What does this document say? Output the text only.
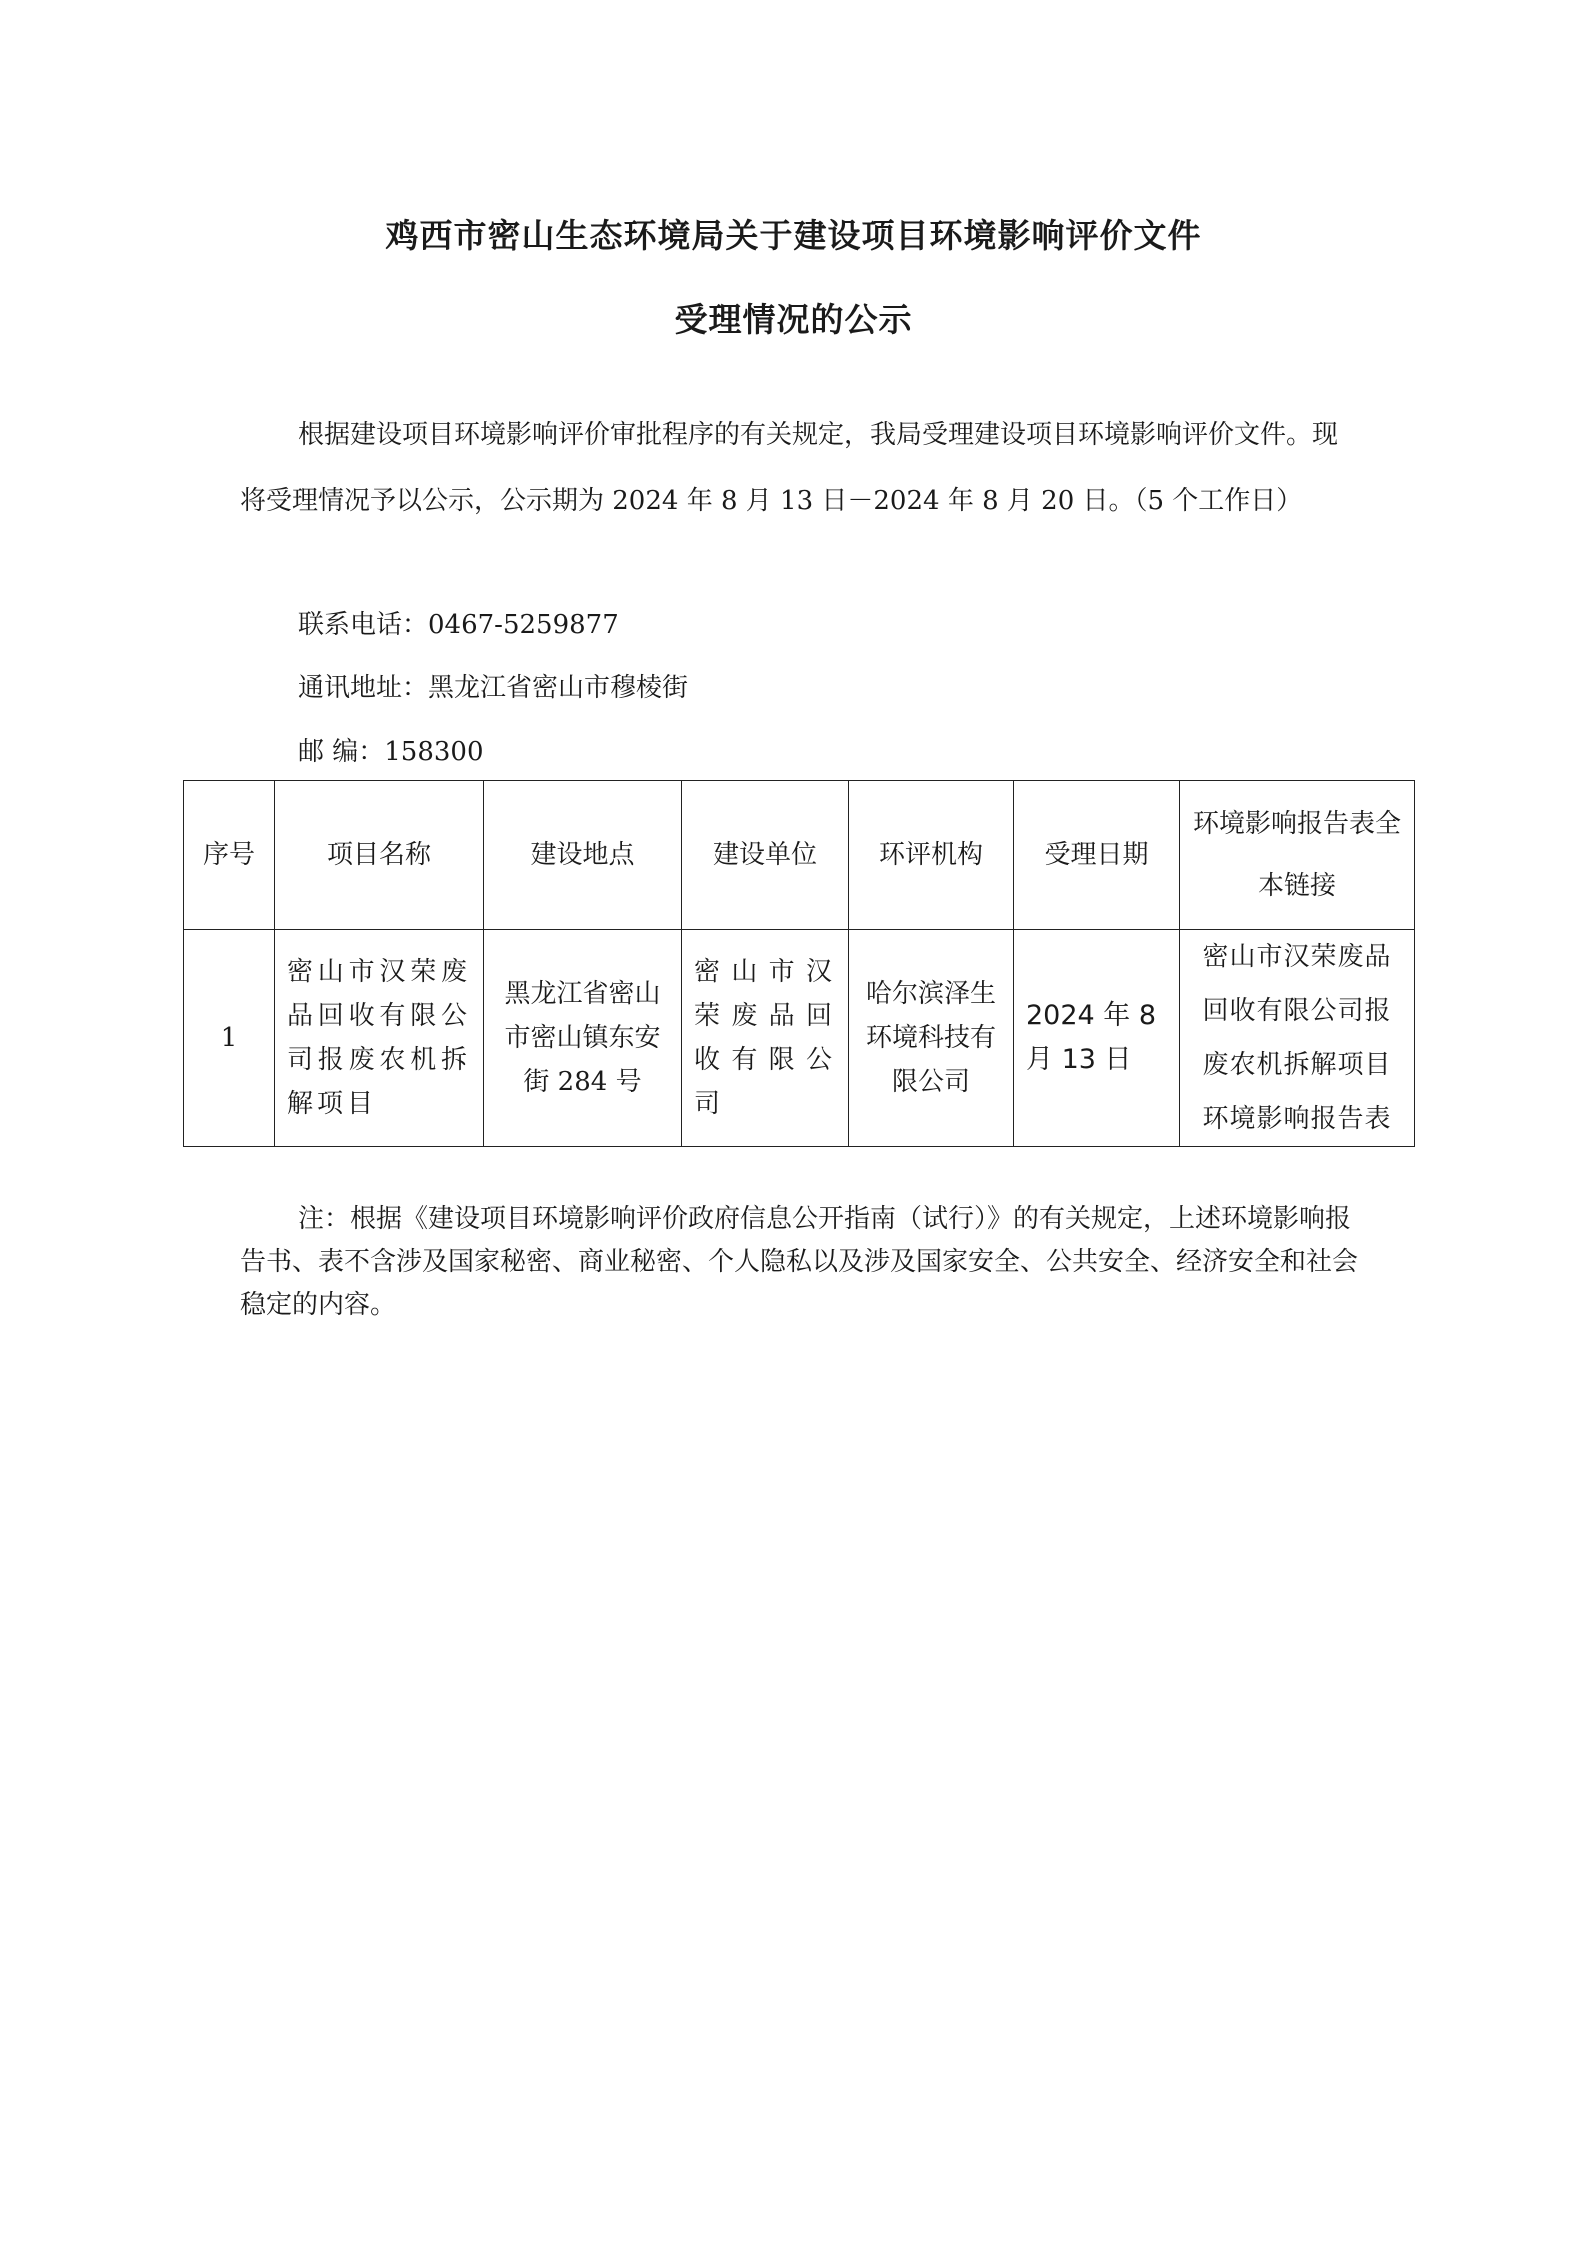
鸡西市密山生态环境局关于建设项目环境影响评价文件
受理情况的公示

根据建设项目环境影响评价审批程序的有关规定，我局受理建设项目环境影响评价文件。现将受理情况予以公示，公示期为 2024 年 8 月 13 日－2024 年 8 月 20 日。（5 个工作日）

联系电话：0467-5259877

通讯地址：黑龙江省密山市穆棱街

邮 编：158300

序号	项目名称	建设地点	建设单位	环评机构	受理日期	环境影响报告表全本链接
1	密山市汉荣废品回收有限公司报废农机拆解项目	黑龙江省密山市密山镇东安街 284 号	密山市汉荣废品回收有限公司	哈尔滨泽生环境科技有限公司	2024 年 8 月 13 日	密山市汉荣废品回收有限公司报废农机拆解项目环境影响报告表

注：根据《建设项目环境影响评价政府信息公开指南（试行）》的有关规定，上述环境影响报告书、表不含涉及国家秘密、商业秘密、个人隐私以及涉及国家安全、公共安全、经济安全和社会稳定的内容。
